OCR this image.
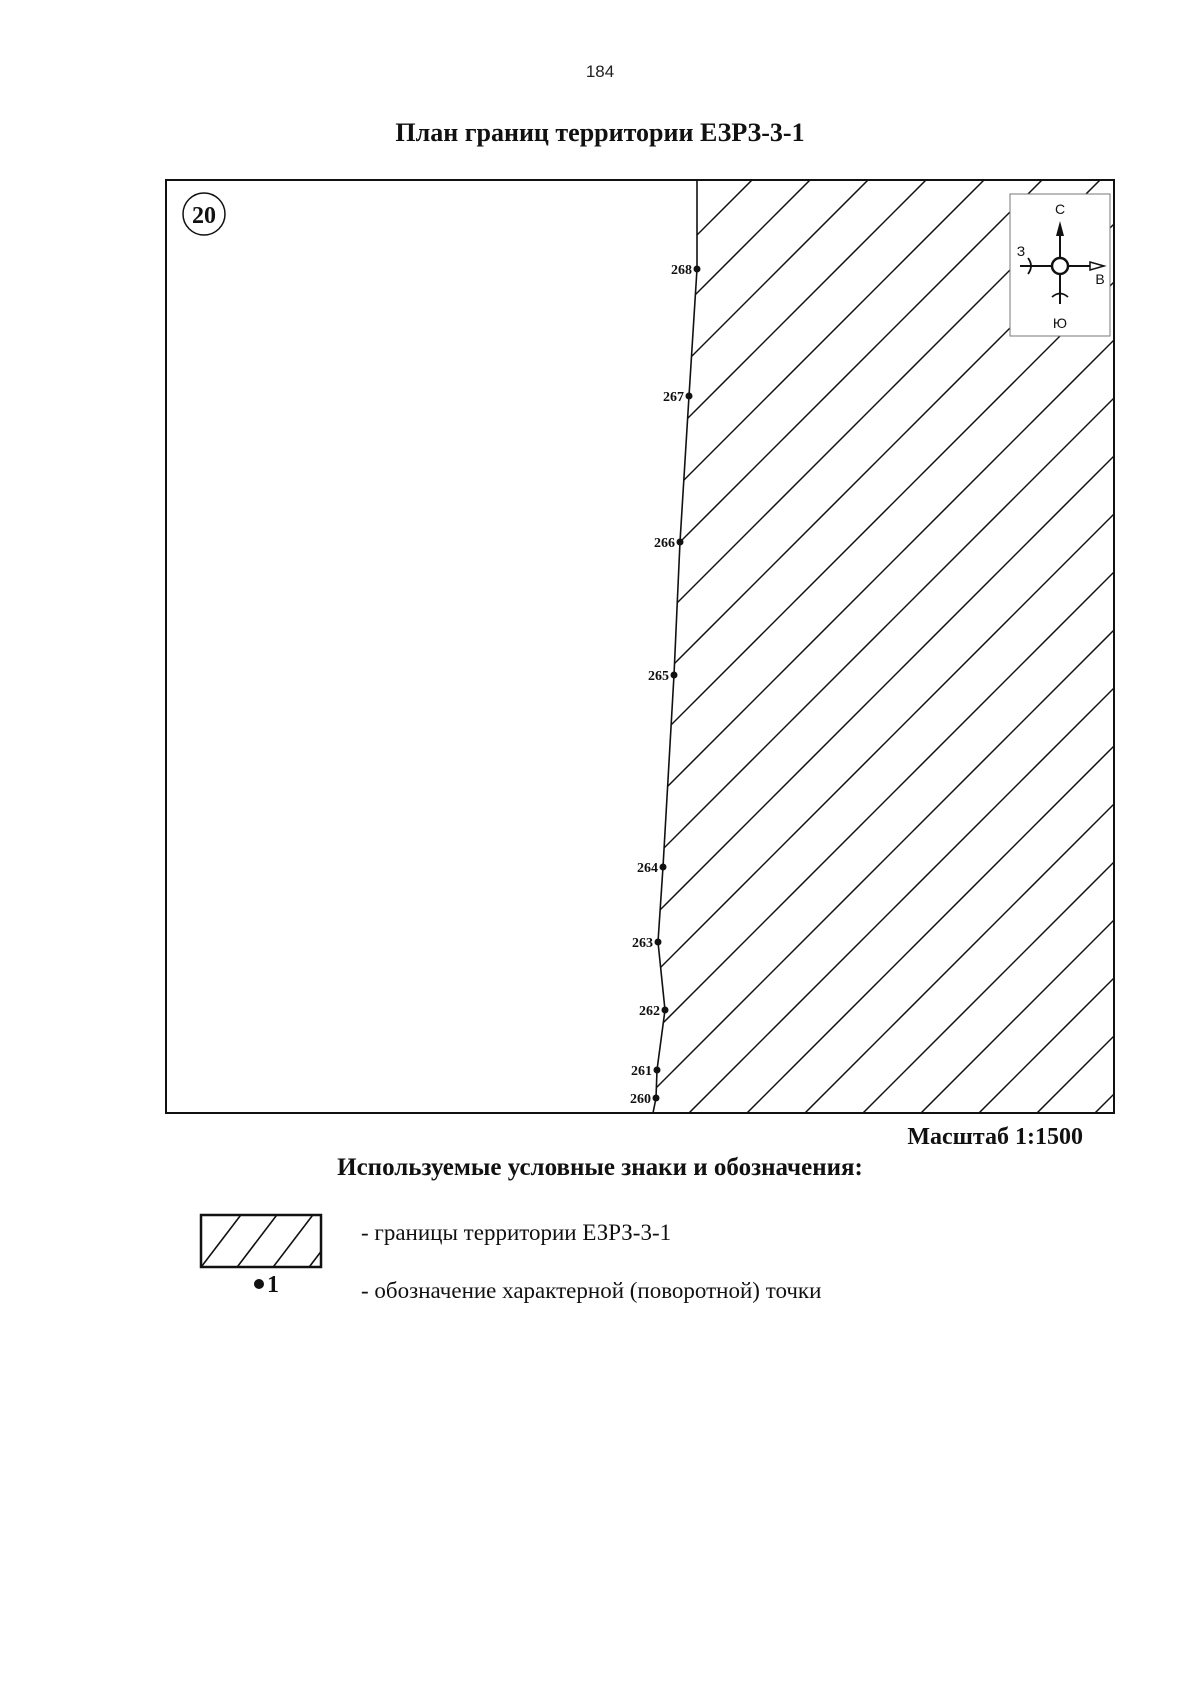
184
План границ территории ЕЗРЗ-3-1
268
267
266
265
264
263
262
261
260
20	С
Ю
З
В
Масштаб 1:1500
Используемые условные знаки и обозначения:
1
- границы территории ЕЗРЗ-3-1
- обозначение характерной (поворотной) точки
